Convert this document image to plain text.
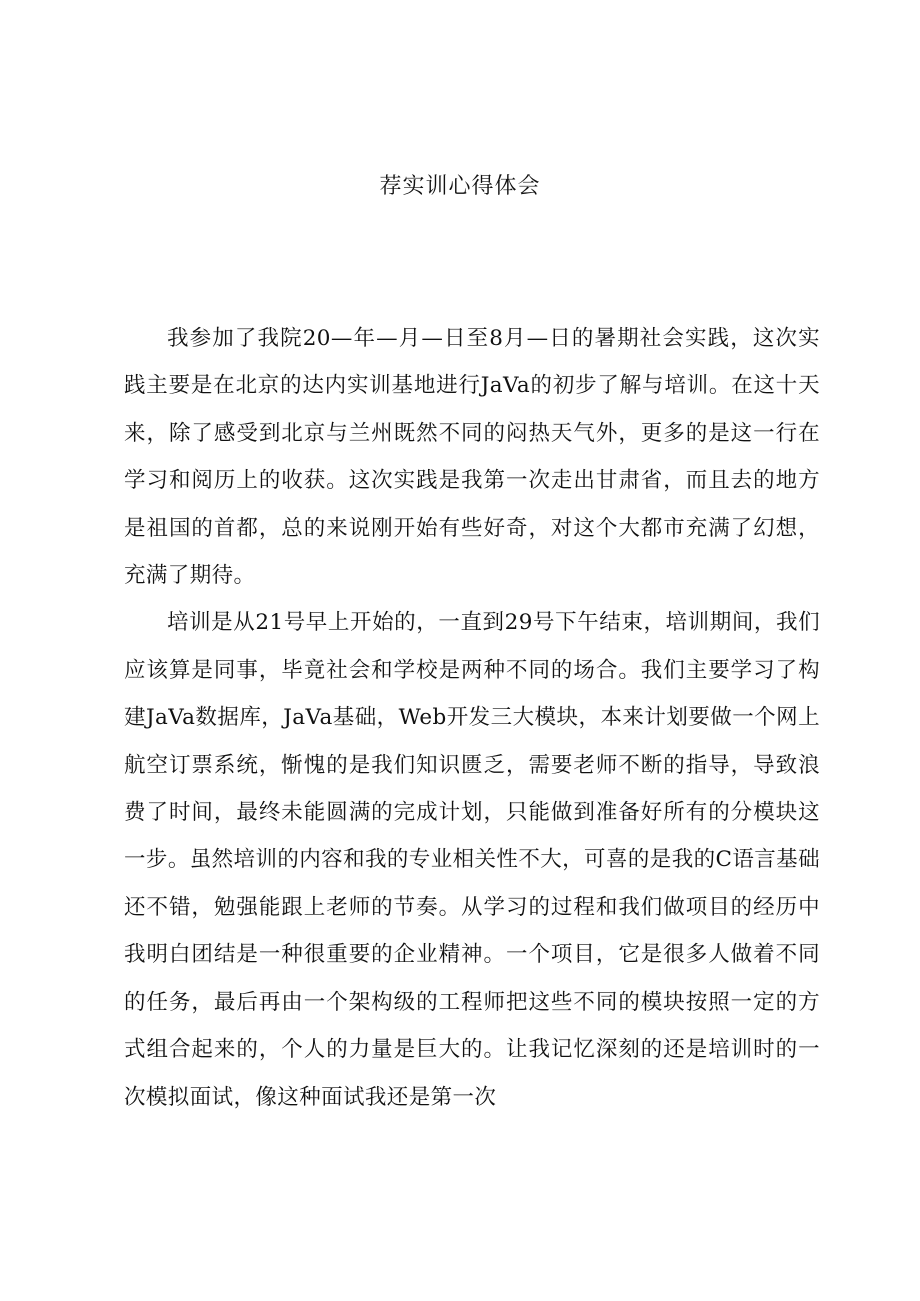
荐实训心得体会

我参加了我院20—年—月—日至8月—日的暑期社会实践，这次实践主要是在北京的达内实训基地进行JaVa的初步了解与培训。在这十天来，除了感受到北京与兰州既然不同的闷热天气外，更多的是这一行在学习和阅历上的收获。这次实践是我第一次走出甘肃省，而且去的地方是祖国的首都，总的来说刚开始有些好奇，对这个大都市充满了幻想，充满了期待。

培训是从21号早上开始的，一直到29号下午结束，培训期间，我们应该算是同事，毕竟社会和学校是两种不同的场合。我们主要学习了构建JaVa数据库，JaVa基础，Web开发三大模块，本来计划要做一个网上航空订票系统，惭愧的是我们知识匮乏，需要老师不断的指导，导致浪费了时间，最终未能圆满的完成计划，只能做到准备好所有的分模块这一步。虽然培训的内容和我的专业相关性不大，可喜的是我的C语言基础还不错，勉强能跟上老师的节奏。从学习的过程和我们做项目的经历中我明白团结是一种很重要的企业精神。一个项目，它是很多人做着不同的任务，最后再由一个架构级的工程师把这些不同的模块按照一定的方式组合起来的，个人的力量是巨大的。让我记忆深刻的还是培训时的一次模拟面试，像这种面试我还是第一次
